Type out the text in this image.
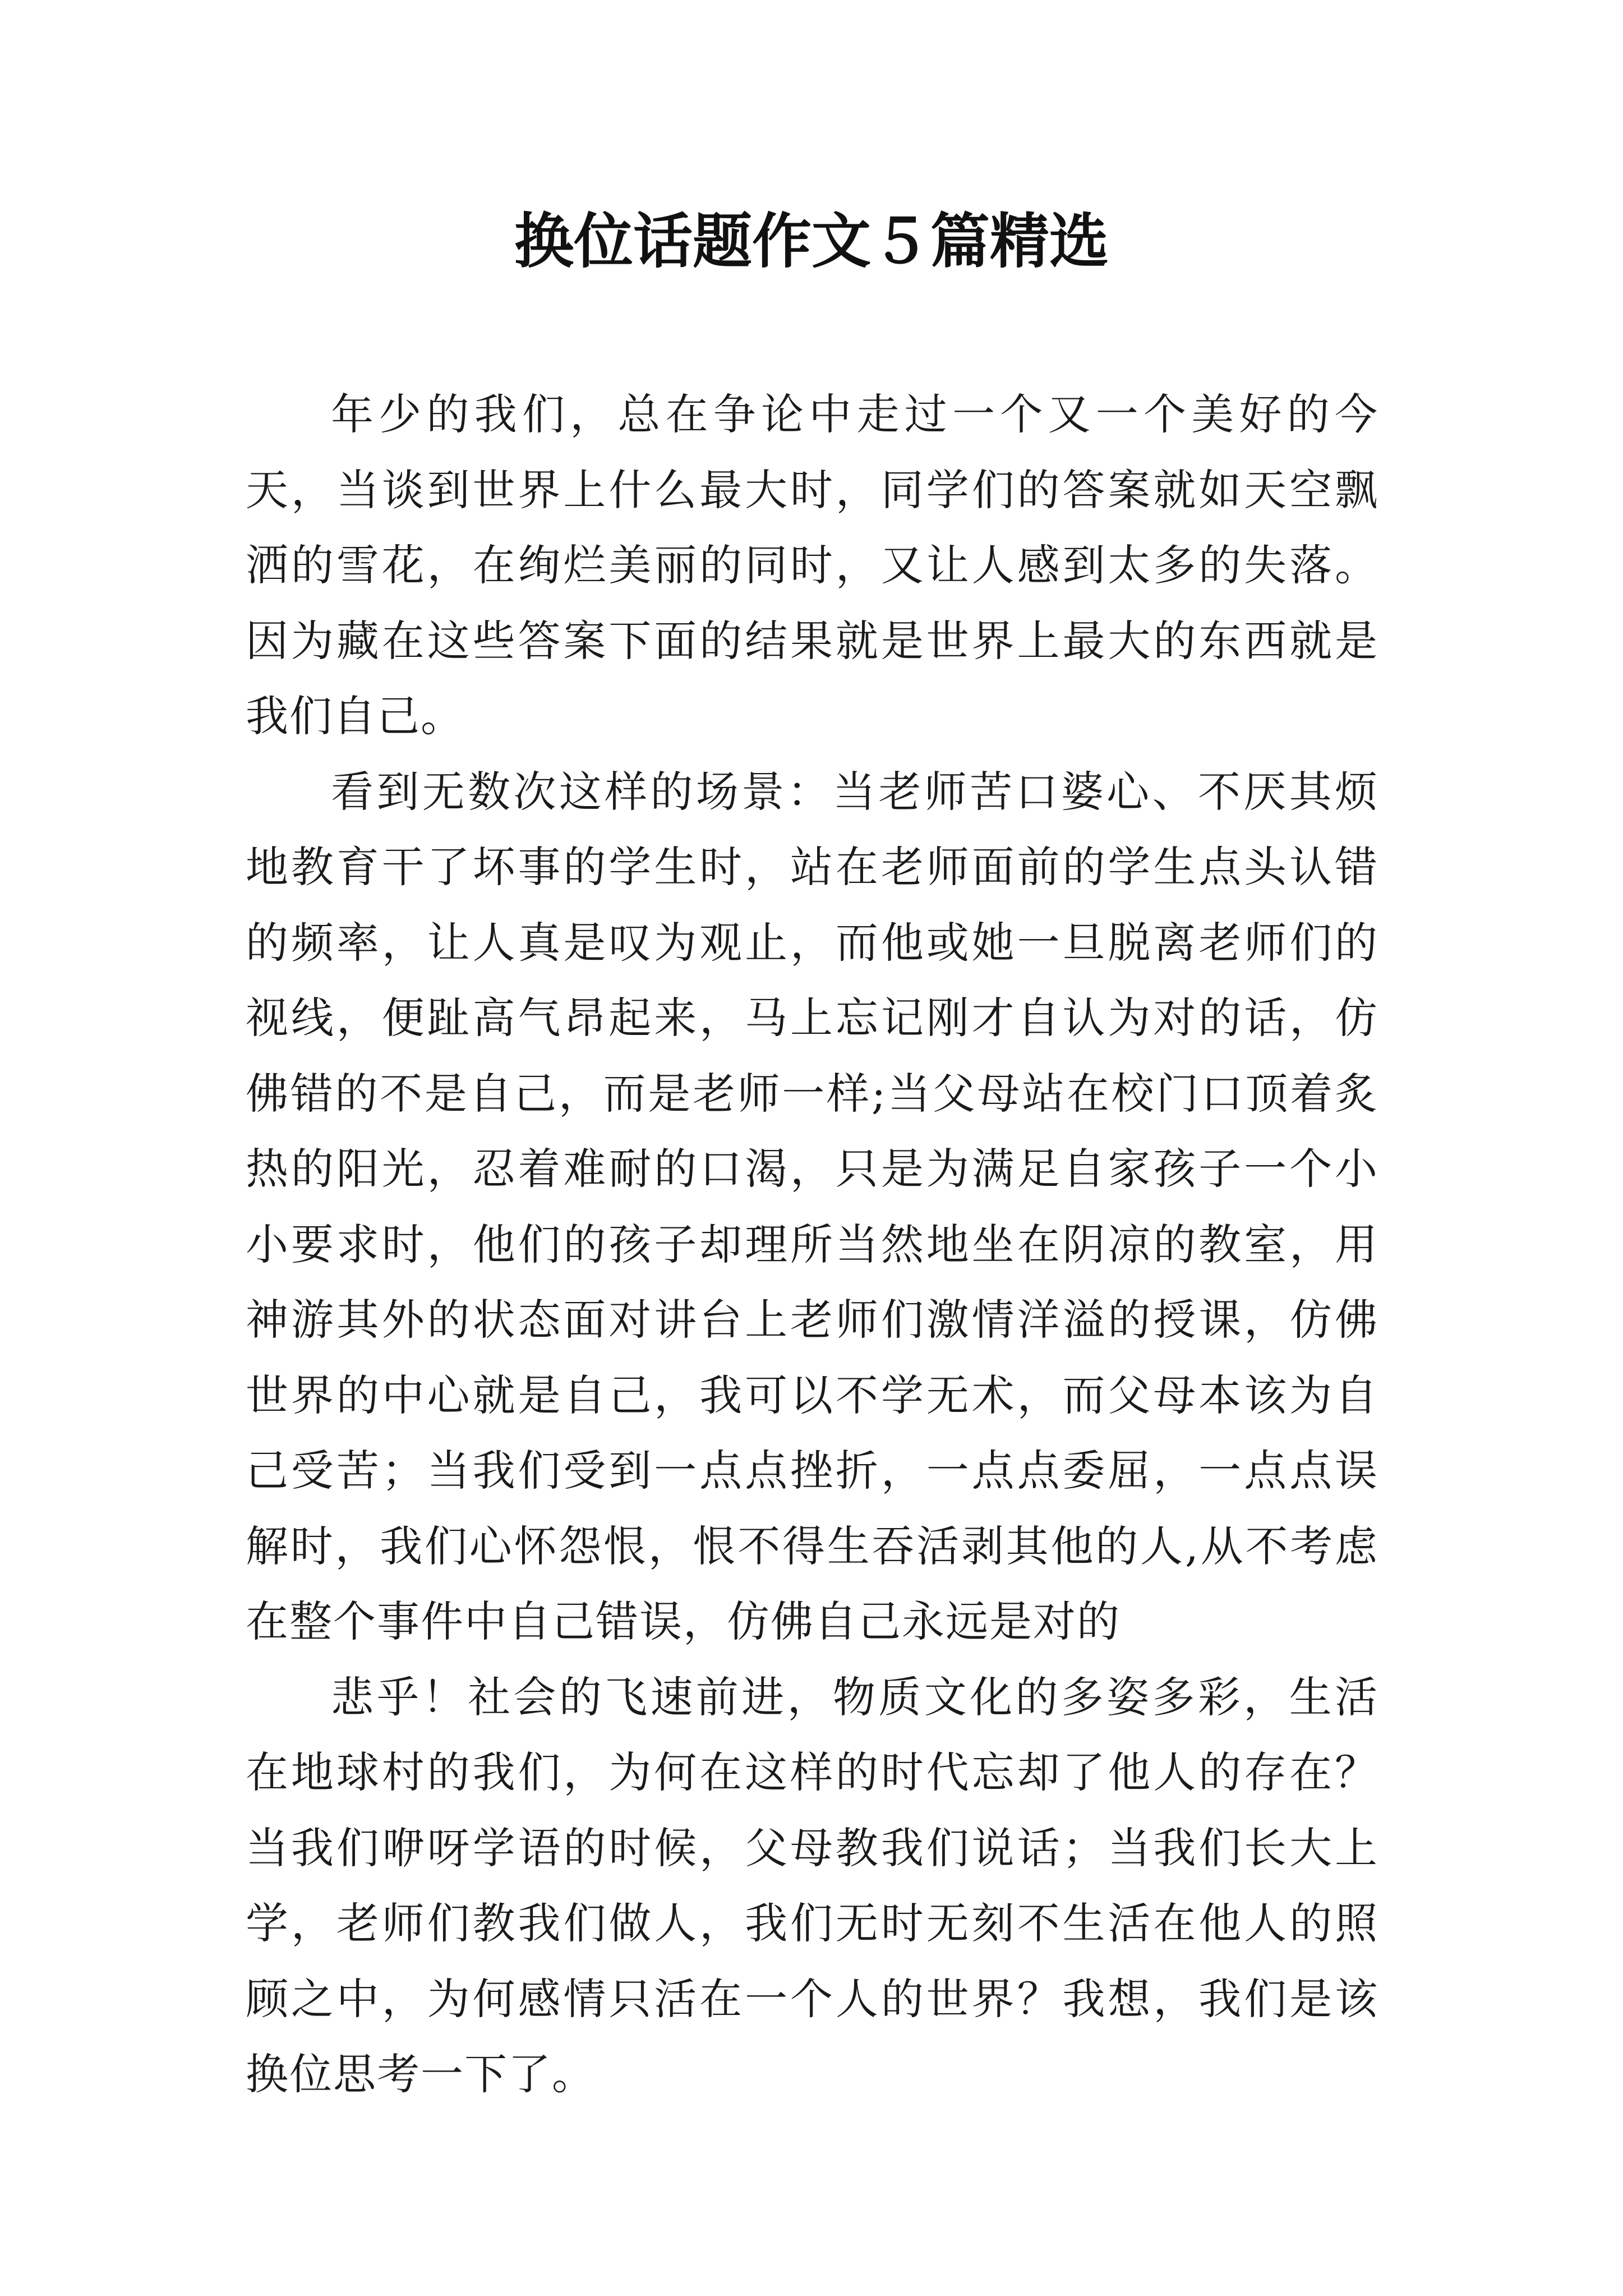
换位话题作文５篇精选

年少的我们，总在争论中走过一个又一个美好的今天，当谈到世界上什么最大时，同学们的答案就如天空飘洒的雪花，在绚烂美丽的同时，又让人感到太多的失落。因为藏在这些答案下面的结果就是世界上最大的东西就是我们自己。

看到无数次这样的场景：当老师苦口婆心、不厌其烦地教育干了坏事的学生时，站在老师面前的学生点头认错的频率，让人真是叹为观止，而他或她一旦脱离老师们的视线，便趾高气昂起来，马上忘记刚才自认为对的话，仿佛错的不是自己，而是老师一样;当父母站在校门口顶着炙热的阳光，忍着难耐的口渴，只是为满足自家孩子一个小小要求时，他们的孩子却理所当然地坐在阴凉的教室，用神游其外的状态面对讲台上老师们激情洋溢的授课，仿佛世界的中心就是自己，我可以不学无术，而父母本该为自己受苦；当我们受到一点点挫折，一点点委屈，一点点误解时，我们心怀怨恨，恨不得生吞活剥其他的人,从不考虑在整个事件中自己错误，仿佛自己永远是对的

悲乎！社会的飞速前进，物质文化的多姿多彩，生活在地球村的我们，为何在这样的时代忘却了他人的存在？当我们咿呀学语的时候，父母教我们说话；当我们长大上学，老师们教我们做人，我们无时无刻不生活在他人的照顾之中，为何感情只活在一个人的世界？我想，我们是该换位思考一下了。
